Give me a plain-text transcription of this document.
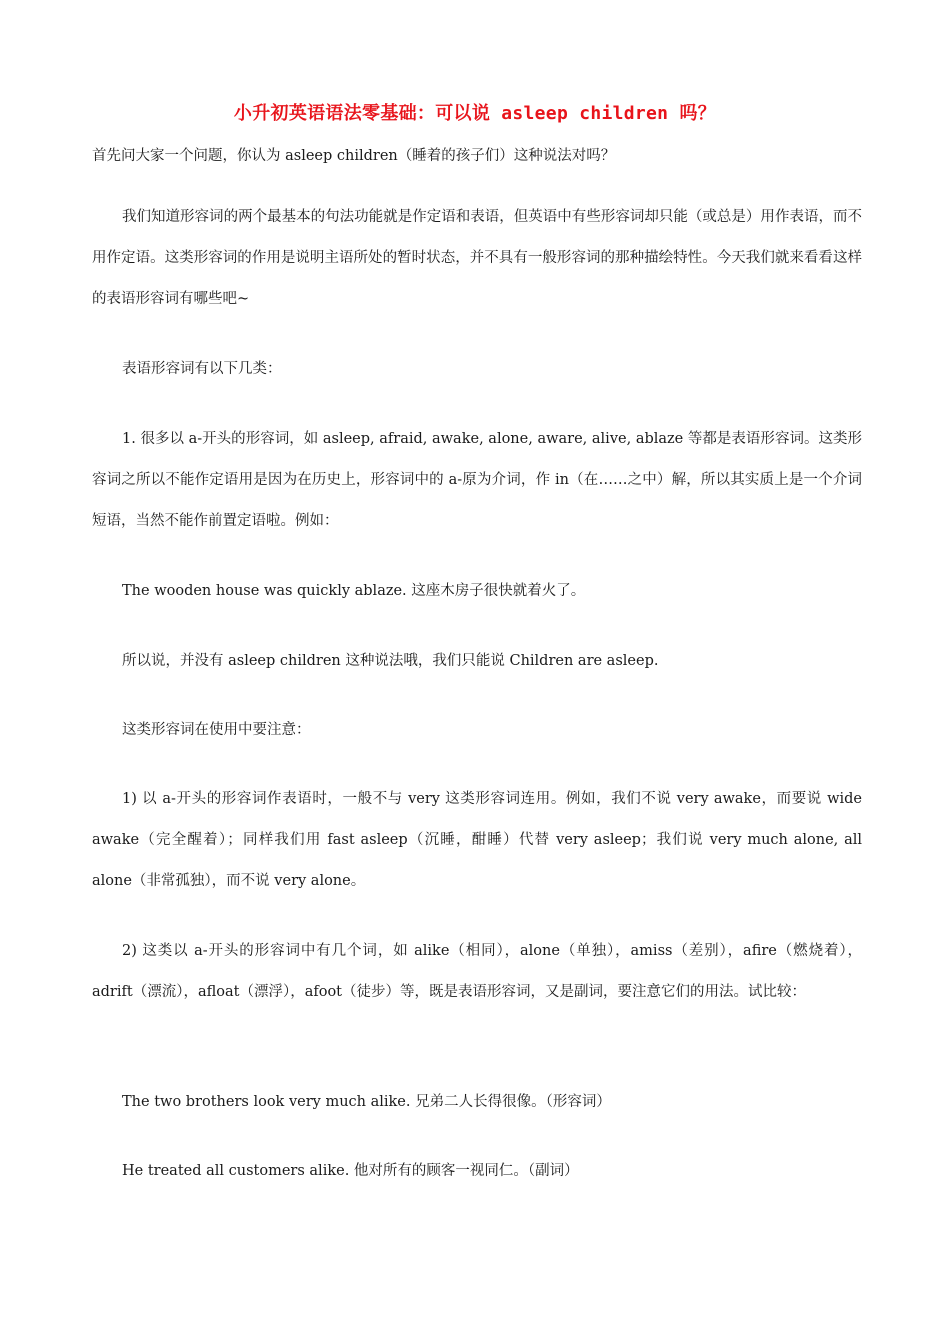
小升初英语语法零基础：可以说 asleep children 吗？

首先问大家一个问题，你认为 asleep children（睡着的孩子们）这种说法对吗？

我们知道形容词的两个最基本的句法功能就是作定语和表语，但英语中有些形容词却只能（或总是）用作表语，而不用作定语。这类形容词的作用是说明主语所处的暂时状态，并不具有一般形容词的那种描绘特性。今天我们就来看看这样的表语形容词有哪些吧~

表语形容词有以下几类：

1. 很多以 a-开头的形容词，如 asleep, afraid, awake, alone, aware, alive, ablaze 等都是表语形容词。这类形容词之所以不能作定语用是因为在历史上，形容词中的 a-原为介词，作 in（在……之中）解，所以其实质上是一个介词短语，当然不能作前置定语啦。例如：

The wooden house was quickly ablaze. 这座木房子很快就着火了。

所以说，并没有 asleep children 这种说法哦，我们只能说 Children are asleep.

这类形容词在使用中要注意：

1) 以 a-开头的形容词作表语时，一般不与 very 这类形容词连用。例如，我们不说 very awake，而要说 wide awake（完全醒着）；同样我们用 fast asleep（沉睡，酣睡）代替 very asleep；我们说 very much alone, all alone（非常孤独），而不说 very alone。

2) 这类以 a-开头的形容词中有几个词，如 alike（相同），alone（单独），amiss（差别），afire（燃烧着），adrift（漂流），afloat（漂浮），afoot（徒步）等，既是表语形容词，又是副词，要注意它们的用法。试比较：

The two brothers look very much alike. 兄弟二人长得很像。（形容词）

He treated all customers alike. 他对所有的顾客一视同仁。（副词）
